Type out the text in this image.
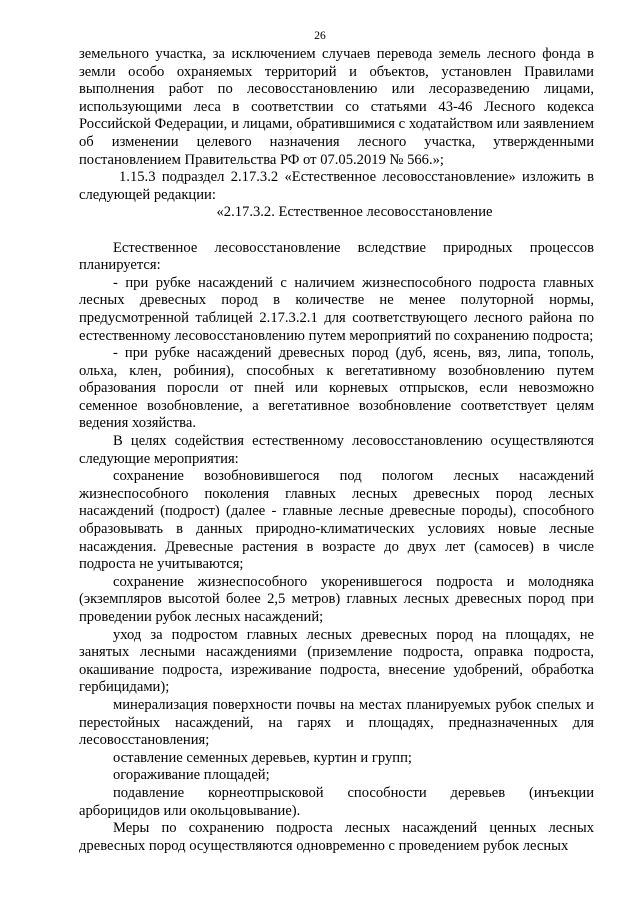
26

земельного участка, за исключением случаев перевода земель лесного фонда в земли особо охраняемых территорий и объектов, установлен Правилами выполнения работ по лесовосстановлению или лесоразведению лицами, использующими леса в соответствии со статьями 43-46 Лесного кодекса Российской Федерации, и лицами, обратившимися с ходатайством или заявлением об изменении целевого назначения лесного участка, утвержденными постановлением Правительства РФ от 07.05.2019 № 566.»;

1.15.3 подраздел 2.17.3.2 «Естественное лесовосстановление» изложить в следующей редакции:

«2.17.3.2. Естественное лесовосстановление

Естественное лесовосстановление вследствие природных процессов планируется:

- при рубке насаждений с наличием жизнеспособного подроста главных лесных древесных пород в количестве не менее полуторной нормы, предусмотренной таблицей 2.17.3.2.1 для соответствующего лесного района по естественному лесовосстановлению путем мероприятий по сохранению подроста;

- при рубке насаждений древесных пород (дуб, ясень, вяз, липа, тополь, ольха, клен, робиния), способных к вегетативному возобновлению путем образования поросли от пней или корневых отпрысков, если невозможно семенное возобновление, а вегетативное возобновление соответствует целям ведения хозяйства.

В целях содействия естественному лесовосстановлению осуществляются следующие мероприятия:

сохранение возобновившегося под пологом лесных насаждений жизнеспособного поколения главных лесных древесных пород лесных насаждений (подрост) (далее - главные лесные древесные породы), способного образовывать в данных природно-климатических условиях новые лесные насаждения. Древесные растения в возрасте до двух лет (самосев) в числе подроста не учитываются;

сохранение жизнеспособного укоренившегося подроста и молодняка (экземпляров высотой более 2,5 метров) главных лесных древесных пород при проведении рубок лесных насаждений;

уход за подростом главных лесных древесных пород на площадях, не занятых лесными насаждениями (приземление подроста, оправка подроста, окашивание подроста, изреживание подроста, внесение удобрений, обработка гербицидами);

минерализация поверхности почвы на местах планируемых рубок спелых и перестойных насаждений, на гарях и площадях, предназначенных для лесовосстановления;

оставление семенных деревьев, куртин и групп;

огораживание площадей;

подавление корнеотпрысковой способности деревьев (инъекции арборицидов или окольцовывание).

Меры по сохранению подроста лесных насаждений ценных лесных древесных пород осуществляются одновременно с проведением рубок лесных
